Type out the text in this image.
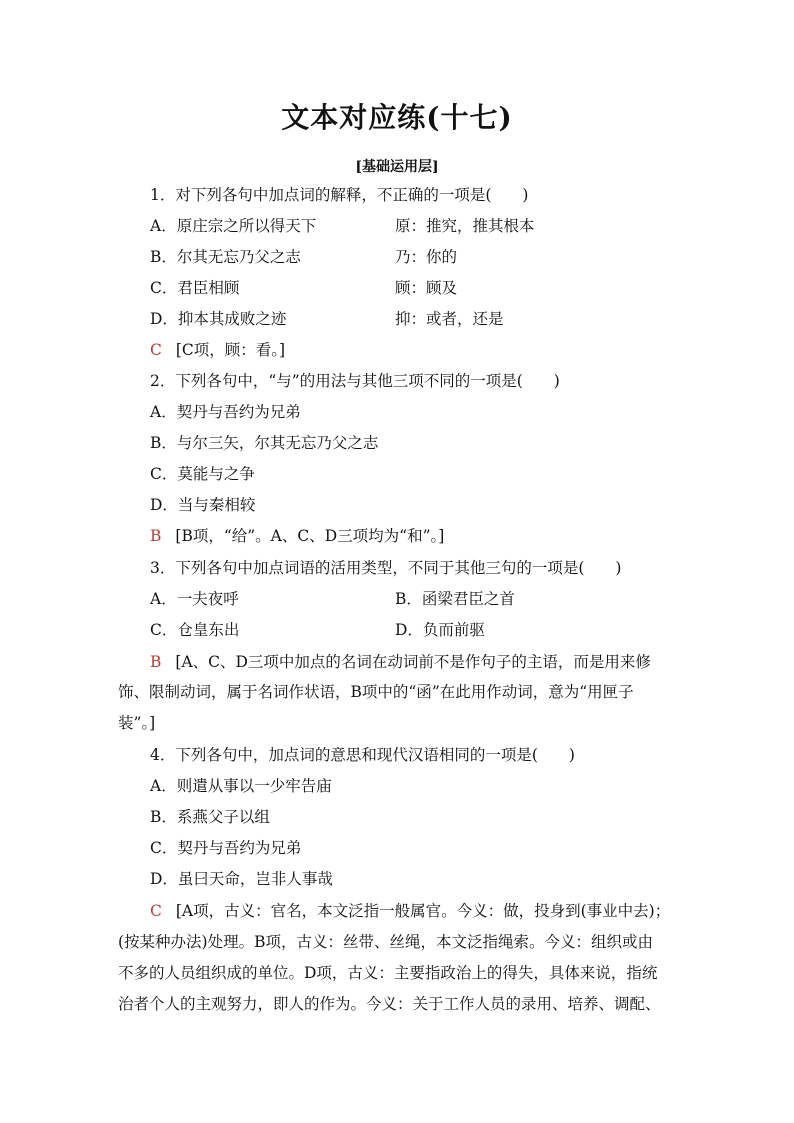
文本对应练(十七)
[基础运用层]
1．对下列各句中加点词的解释，不正确的一项是(　　)
A．原庄宗之所以得天下	原：推究，推其根本
B．尔其无忘乃父之志	乃：你的
C．君臣相顾	顾：顾及
D．抑本其成败之迹	抑：或者，还是
C [C项，顾：看。]
2．下列各句中，“与”的用法与其他三项不同的一项是(　　)
A．契丹与吾约为兄弟
B．与尔三矢，尔其无忘乃父之志
C．莫能与之争
D．当与秦相较
B [B项，“给”。A、C、D三项均为“和”。]
3．下列各句中加点词语的活用类型，不同于其他三句的一项是(　　)
A．一夫夜呼	B．函梁君臣之首
C．仓皇东出	D．负而前驱
B [A、C、D三项中加点的名词在动词前不是作句子的主语，而是用来修
饰、限制动词，属于名词作状语，B项中的“函”在此用作动词，意为“用匣子
装”。]
4．下列各句中，加点词的意思和现代汉语相同的一项是(　　)
A．则遣从事以一少牢告庙
B．系燕父子以组
C．契丹与吾约为兄弟
D．虽曰天命，岂非人事哉
C [A项，古义：官名，本文泛指一般属官。今义：做，投身到(事业中去)；
(按某种办法)处理。B项，古义：丝带、丝绳，本文泛指绳索。今义：组织或由
不多的人员组织成的单位。D项，古义：主要指政治上的得失，具体来说，指统
治者个人的主观努力，即人的作为。今义：关于工作人员的录用、培养、调配、
